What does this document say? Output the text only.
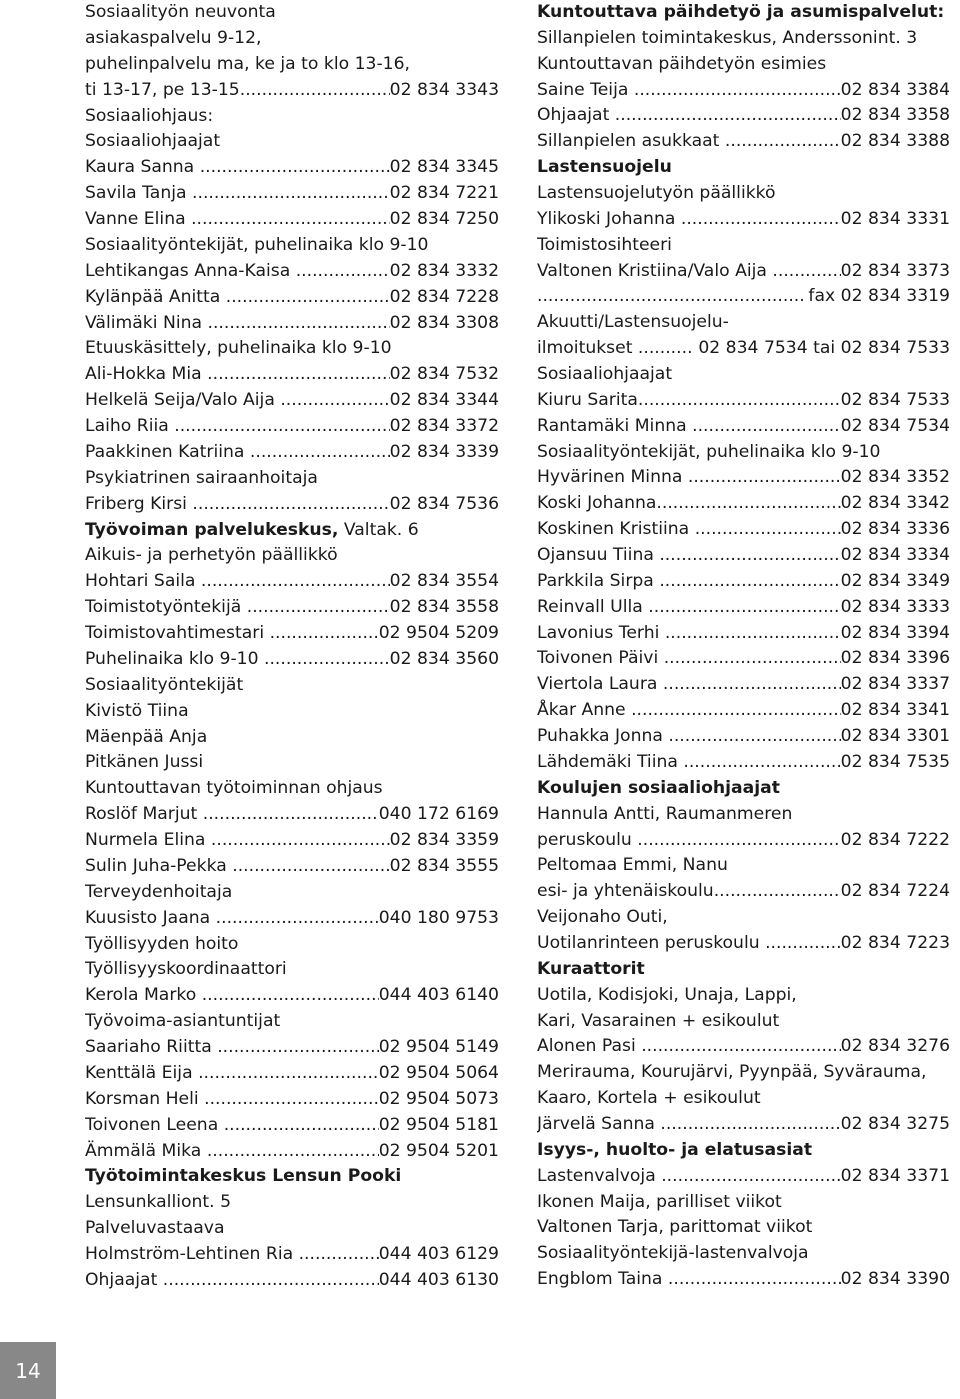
Sosiaalityön neuvonta
asiakaspalvelu 9-12,
puhelinpalvelu ma, ke ja to klo 13-16,
ti 13-17, pe 13-15 .....	02 834 3343
Sosiaaliohjaus:
Sosiaaliohjaajat
Kaura Sanna .....	02 834 3345
Savila Tanja .....	02 834 7221
Vanne Elina .....	02 834 7250
Sosiaalityöntekijät, puhelinaika klo 9-10
Lehtikangas Anna-Kaisa .....	02 834 3332
Kylänpää Anitta .....	02 834 7228
Välimäki Nina .....	02 834 3308
Etuuskäsittely, puhelinaika klo 9-10
Ali-Hokka Mia .....	02 834 7532
Helkelä Seija/Valo Aija .....	02 834 3344
Laiho Riia .....	02 834 3372
Paakkinen Katriina .....	02 834 3339
Psykiatrinen sairaanhoitaja
Friberg Kirsi .....	02 834 7536
Työvoiman palvelukeskus, Valtak. 6
Aikuis- ja perhetyön päällikkö
Hohtari Saila .....	02 834 3554
Toimistotyöntekijä .....	02 834 3558
Toimistovahtimestari .....	02 9504 5209
Puhelinaika klo 9-10 .....	02 834 3560
Sosiaalityöntekijät
Kivistö Tiina
Mäenpää Anja
Pitkänen Jussi
Kuntouttavan työtoiminnan ohjaus
Roslöf Marjut .....	040 172 6169
Nurmela Elina .....	02 834 3359
Sulin Juha-Pekka .....	02 834 3555
Terveydenhoitaja
Kuusisto Jaana .....	040 180 9753
Työllisyyden hoito
Työllisyyskoordinaattori
Kerola Marko .....	044 403 6140
Työvoima-asiantuntijat
Saariaho Riitta .....	02 9504 5149
Kenttälä Eija .....	02 9504 5064
Korsman Heli .....	02 9504 5073
Toivonen Leena .....	02 9504 5181
Ämmälä Mika .....	02 9504 5201
Työtoimintakeskus Lensun Pooki
Lensunkalliont. 5
Palveluvastaava
Holmström-Lehtinen Ria .....	044 403 6129
Ohjaajat .....	044 403 6130
Kuntouttava päihdetyö ja asumispalvelut:
Sillanpielen toimintakeskus, Anderssonint. 3
Kuntouttavan päihdetyön esimies
Saine Teija .....	02 834 3384
Ohjaajat .....	02 834 3358
Sillanpielen asukkaat .....	02 834 3388
Lastensuojelu
Lastensuojelutyön päällikkö
Ylikoski Johanna .....	02 834 3331
Toimistosihteeri
Valtonen Kristiina/Valo Aija .....	02 834 3373
.....
fax 02 834 3319
Akuutti/Lastensuojelu-
ilmoitukset .....	02 834 7534 tai 02 834 7533
Sosiaaliohjaajat
Kiuru Sarita .....	02 834 7533
Rantamäki Minna .....	02 834 7534
Sosiaalityöntekijät, puhelinaika klo 9-10
Hyvärinen Minna .....	02 834 3352
Koski Johanna .....	02 834 3342
Koskinen Kristiina .....	02 834 3336
Ojansuu Tiina .....	02 834 3334
Parkkila Sirpa .....	02 834 3349
Reinvall Ulla .....	02 834 3333
Lavonius Terhi .....	02 834 3394
Toivonen Päivi .....	02 834 3396
Viertola Laura .....	02 834 3337
Åkar Anne .....	02 834 3341
Puhakka Jonna .....	02 834 3301
Lähdemäki Tiina .....	02 834 7535
Koulujen sosiaaliohjaajat
Hannula Antti, Raumanmeren
peruskoulu .....	02 834 7222
Peltomaa Emmi, Nanu
esi- ja yhtenäiskoulu .....	02 834 7224
Veijonaho Outi,
Uotilanrinteen peruskoulu .....	02 834 7223
Kuraattorit
Uotila, Kodisjoki, Unaja, Lappi,
Kari, Vasarainen + esikoulut
Alonen Pasi .....	02 834 3276
Merirauma, Kourujärvi, Pyynpää, Syvärauma,
Kaaro, Kortela + esikoulut
Järvelä Sanna .....	02 834 3275
Isyys-, huolto- ja elatusasiat
Lastenvalvoja .....	02 834 3371
Ikonen Maija, parilliset viikot
Valtonen Tarja, parittomat viikot
Sosiaalityöntekijä-lastenvalvoja
Engblom Taina .....	02 834 3390
14
